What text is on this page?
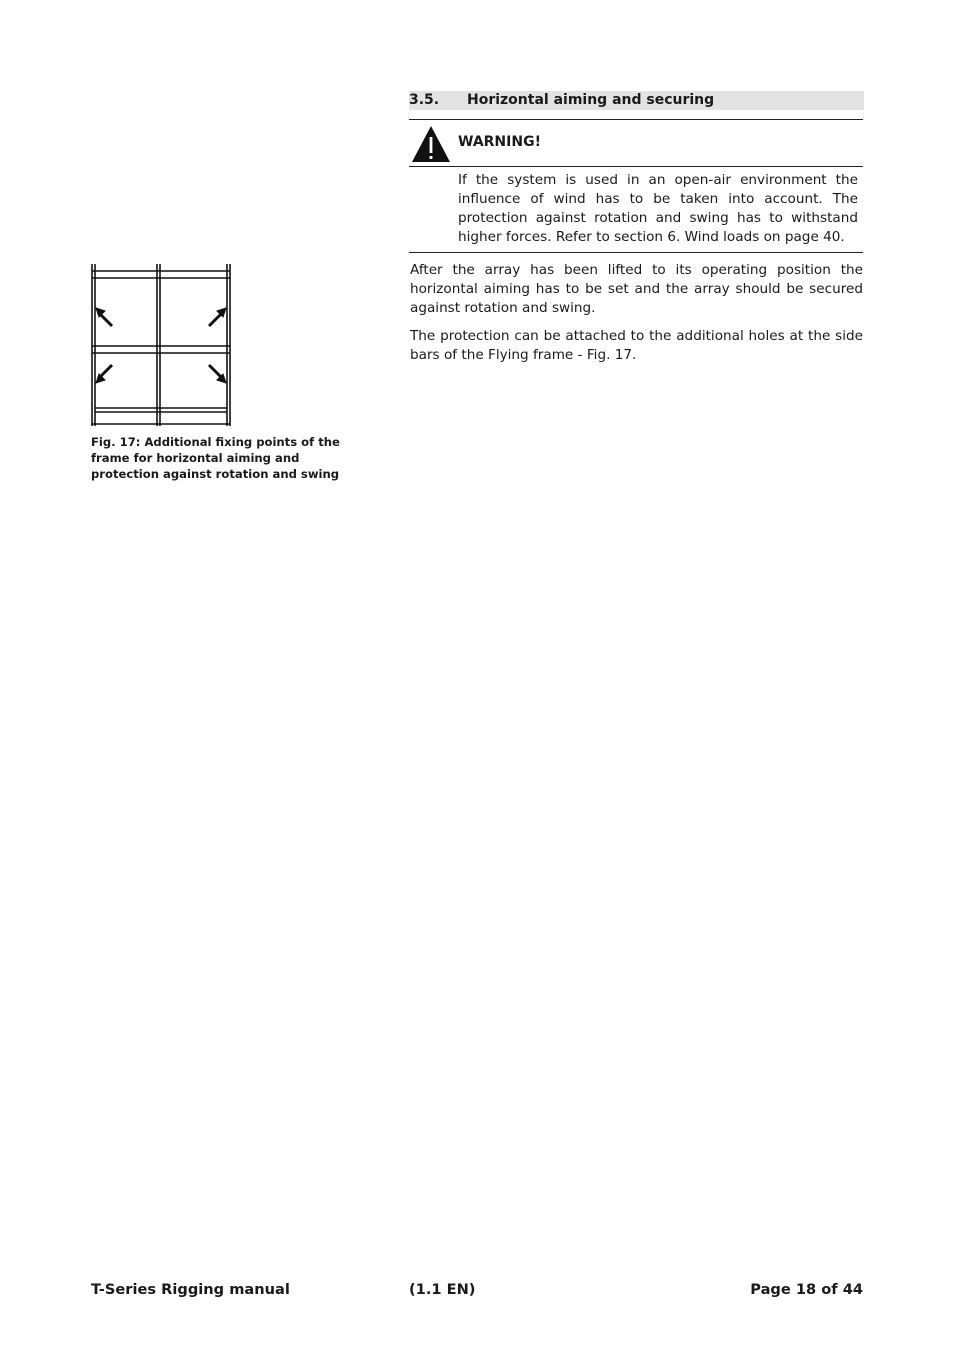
3.5. Horizontal aiming and securing
WARNING!
If the system is used in an open-air environment the influence of wind has to be taken into account. The protection against rotation and swing has to withstand higher forces. Refer to section 6. Wind loads on page 40.
After the array has been lifted to its operating position the horizontal aiming has to be set and the array should be secured against rotation and swing.
The protection can be attached to the additional holes at the side bars of the Flying frame - Fig. 17.
Fig. 17: Additional fixing points of the frame for horizontal aiming and protection against rotation and swing
T-Series Rigging manual	(1.1 EN)	Page 18 of 44
